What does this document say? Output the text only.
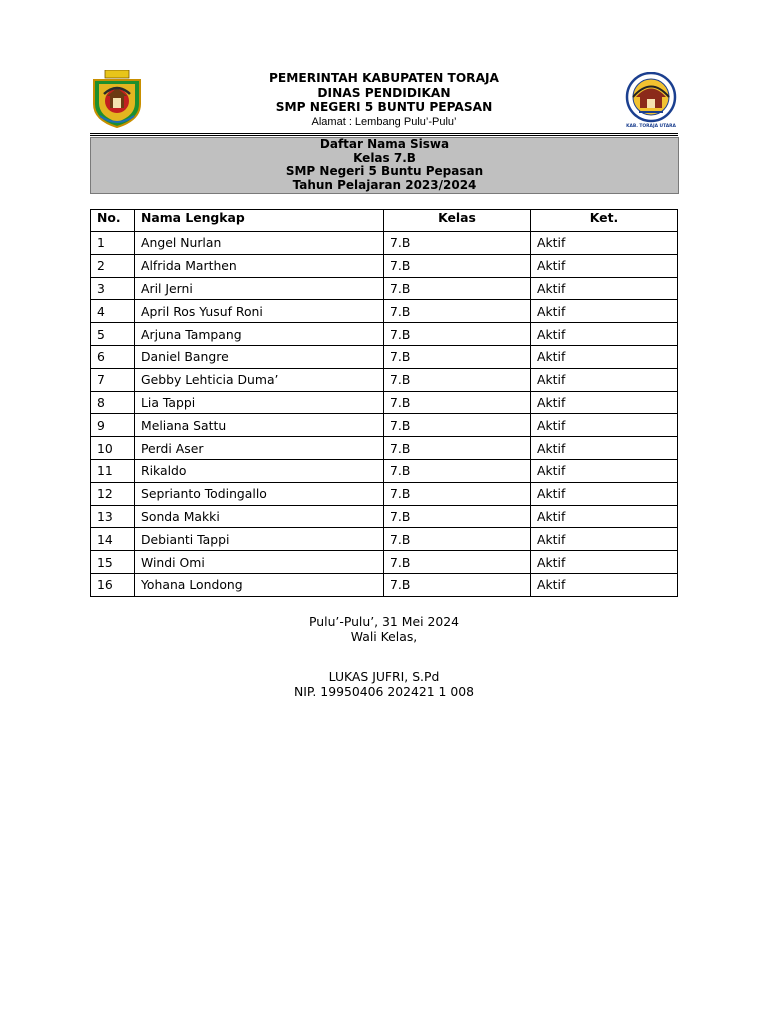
PEMERINTAH KABUPATEN TORAJA
DINAS PENDIDIKAN
SMP NEGERI 5 BUNTU PEPASAN
Alamat : Lembang Pulu’-Pulu’	KAB. TORAJA UTARA
Daftar Nama Siswa
Kelas 7.B
SMP Negeri 5 Buntu Pepasan
Tahun Pelajaran 2023/2024
No.	Nama Lengkap	Kelas	Ket.
1	Angel Nurlan	7.B	Aktif
2	Alfrida Marthen	7.B	Aktif
3	Aril Jerni	7.B	Aktif
4	April Ros Yusuf Roni	7.B	Aktif
5	Arjuna Tampang	7.B	Aktif
6	Daniel Bangre	7.B	Aktif
7	Gebby Lehticia Duma’	7.B	Aktif
8	Lia Tappi	7.B	Aktif
9	Meliana Sattu	7.B	Aktif
10	Perdi Aser	7.B	Aktif
11	Rikaldo	7.B	Aktif
12	Seprianto Todingallo	7.B	Aktif
13	Sonda Makki	7.B	Aktif
14	Debianti Tappi	7.B	Aktif
15	Windi Omi	7.B	Aktif
16	Yohana Londong	7.B	Aktif
Pulu’-Pulu’, 31 Mei 2024
Wali Kelas,
LUKAS JUFRI, S.Pd
NIP. 19950406 202421 1 008
